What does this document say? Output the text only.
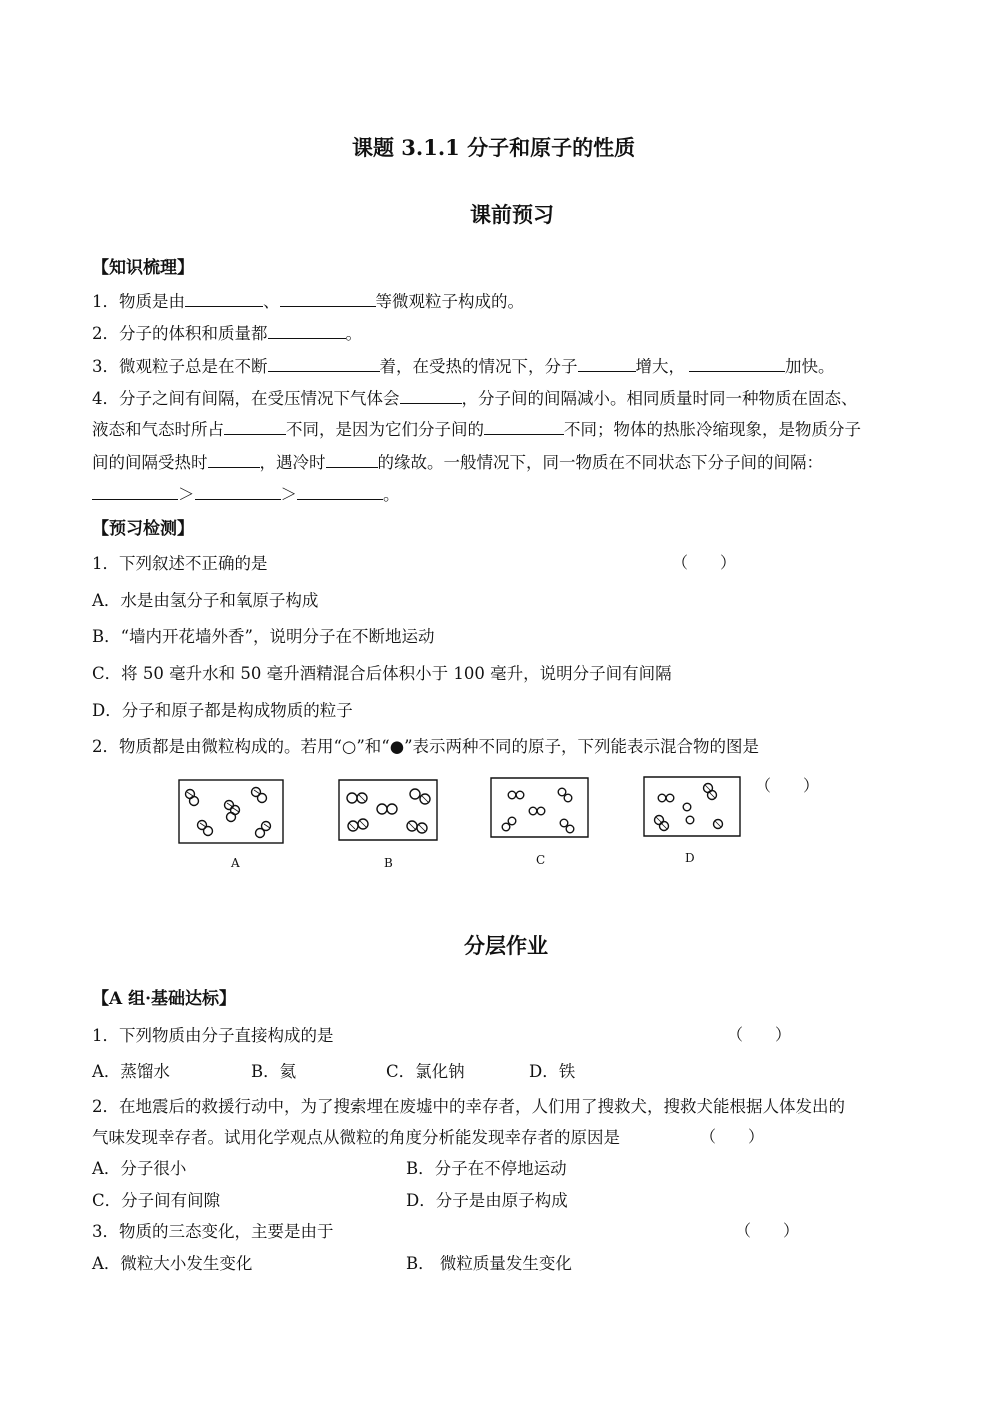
课题 3.1.1 分子和原子的性质
课前预习
【知识梳理】
1．物质是由	、	等微观粒子构成的。
2．分子的体积和质量都	。
3．微观粒子总是在不断	着，在受热的情况下，分子	增大，	加快。
4．分子之间有间隔，在受压情况下气体会	，分子间的间隔减小。相同质量时同一种物质在固态、
液态和气态时所占	不同，是因为它们分子间的	不同；物体的热胀冷缩现象，是物质分子
间的间隔受热时	，遇冷时	的缘故。一般情况下，同一物质在不同状态下分子间的间隔：
＞	＞	。
【预习检测】
1．下列叙述不正确的是	（　　）
A．水是由氢分子和氧原子构成
B．“墙内开花墙外香”，说明分子在不断地运动
C．将 50 毫升水和 50 毫升酒精混合后体积小于 100 毫升，说明分子间有间隔
D．分子和原子都是构成物质的粒子
2．物质都是由微粒构成的。若用“○”和“●”表示两种不同的原子，下列能表示混合物的图是
（　　）
A	B	C	D
分层作业
【A 组·基础达标】
1．下列物质由分子直接构成的是	（　　）
A．蒸馏水	B．氦	C．氯化钠	D．铁
2．在地震后的救援行动中，为了搜索埋在废墟中的幸存者，人们用了搜救犬，搜救犬能根据人体发出的
气味发现幸存者。试用化学观点从微粒的角度分析能发现幸存者的原因是	（　　）
A．分子很小	B．分子在不停地运动
C．分子间有间隙	D．分子是由原子构成
3．物质的三态变化，主要是由于	（　　）
A．微粒大小发生变化	B． 微粒质量发生变化
